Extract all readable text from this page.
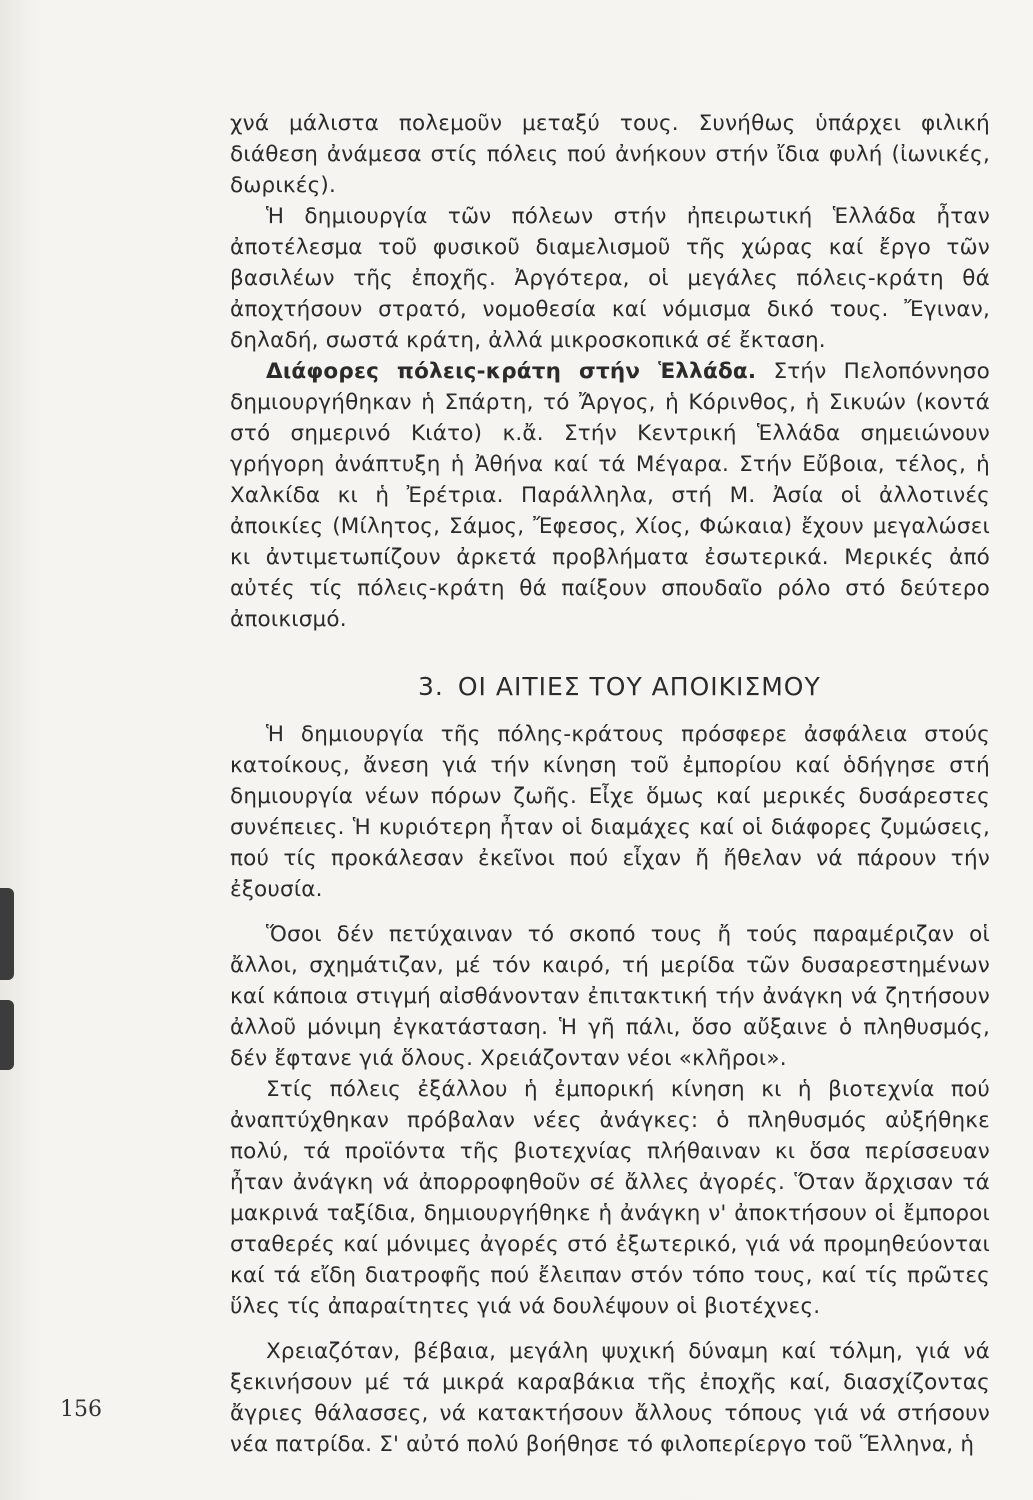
χνά μάλιστα πολεμοῦν μεταξύ τους. Συνήθως ὑπάρχει φιλική διάθεση ἀνάμεσα στίς πόλεις πού ἀνήκουν στήν ἴδια φυλή (ἰωνικές, δωρικές).

Ἡ δημιουργία τῶν πόλεων στήν ἠπειρωτική Ἑλλάδα ἦταν ἀποτέλεσμα τοῦ φυσικοῦ διαμελισμοῦ τῆς χώρας καί ἔργο τῶν βασιλέων τῆς ἐποχῆς. Ἀργότερα, οἱ μεγάλες πόλεις-κράτη θά ἀποχτήσουν στρατό, νομοθεσία καί νόμισμα δικό τους. Ἔγιναν, δηλαδή, σωστά κράτη, ἀλλά μικροσκοπικά σέ ἔκταση.

Διάφορες πόλεις-κράτη στήν Ἑλλάδα. Στήν Πελοπόννησο δημιουργήθηκαν ἡ Σπάρτη, τό Ἄργος, ἡ Κόρινθος, ἡ Σικυών (κοντά στό σημερινό Κιάτο) κ.ἄ. Στήν Κεντρική Ἑλλάδα σημειώνουν γρήγορη ἀνάπτυξη ἡ Ἀθήνα καί τά Μέγαρα. Στήν Εὔβοια, τέλος, ἡ Χαλκίδα κι ἡ Ἐρέτρια. Παράλληλα, στή Μ. Ἀσία οἱ ἀλλοτινές ἀποικίες (Μίλητος, Σάμος, Ἔφεσος, Χίος, Φώκαια) ἔχουν μεγαλώσει κι ἀντιμετωπίζουν ἀρκετά προβλήματα ἐσωτερικά. Μερικές ἀπό αὐτές τίς πόλεις-κράτη θά παίξουν σπουδαῖο ρόλο στό δεύτερο ἀποικισμό.

3. ΟΙ ΑΙΤΙΕΣ ΤΟΥ ΑΠΟΙΚΙΣΜΟΥ

Ἡ δημιουργία τῆς πόλης-κράτους πρόσφερε ἀσφάλεια στούς κατοίκους, ἄνεση γιά τήν κίνηση τοῦ ἐμπορίου καί ὁδήγησε στή δημιουργία νέων πόρων ζωῆς. Εἶχε ὅμως καί μερικές δυσάρεστες συνέπειες. Ἡ κυριότερη ἦταν οἱ διαμάχες καί οἱ διάφορες ζυμώσεις, πού τίς προκάλεσαν ἐκεῖνοι πού εἶχαν ἤ ἤθελαν νά πάρουν τήν ἐξουσία.

Ὅσοι δέν πετύχαιναν τό σκοπό τους ἤ τούς παραμέριζαν οἱ ἄλλοι, σχημάτιζαν, μέ τόν καιρό, τή μερίδα τῶν δυσαρεστημένων καί κάποια στιγμή αἰσθάνονταν ἐπιτακτική τήν ἀνάγκη νά ζητήσουν ἀλλοῦ μόνιμη ἐγκατάσταση. Ἡ γῆ πάλι, ὅσο αὔξαινε ὁ πληθυσμός, δέν ἔφτανε γιά ὅλους. Χρειάζονταν νέοι «κλῆροι».

Στίς πόλεις ἐξάλλου ἡ ἐμπορική κίνηση κι ἡ βιοτεχνία πού ἀναπτύχθηκαν πρόβαλαν νέες ἀνάγκες: ὁ πληθυσμός αὐξήθηκε πολύ, τά προϊόντα τῆς βιοτεχνίας πλήθαιναν κι ὅσα περίσσευαν ἦταν ἀνάγκη νά ἀπορροφηθοῦν σέ ἄλλες ἀγορές. Ὅταν ἄρχισαν τά μακρινά ταξίδια, δημιουργήθηκε ἡ ἀνάγκη ν' ἀποκτήσουν οἱ ἔμποροι σταθερές καί μόνιμες ἀγορές στό ἐξωτερικό, γιά νά προμηθεύονται καί τά εἴδη διατροφῆς πού ἔλειπαν στόν τόπο τους, καί τίς πρῶτες ὕλες τίς ἀπαραίτητες γιά νά δουλέψουν οἱ βιοτέχνες.

Χρειαζόταν, βέβαια, μεγάλη ψυχική δύναμη καί τόλμη, γιά νά ξεκινήσουν μέ τά μικρά καραβάκια τῆς ἐποχῆς καί, διασχίζοντας ἄγριες θάλασσες, νά κατακτήσουν ἄλλους τόπους γιά νά στήσουν νέα πατρίδα. Σ' αὐτό πολύ βοήθησε τό φιλοπερίεργο τοῦ Ἕλληνα, ἡ

156
